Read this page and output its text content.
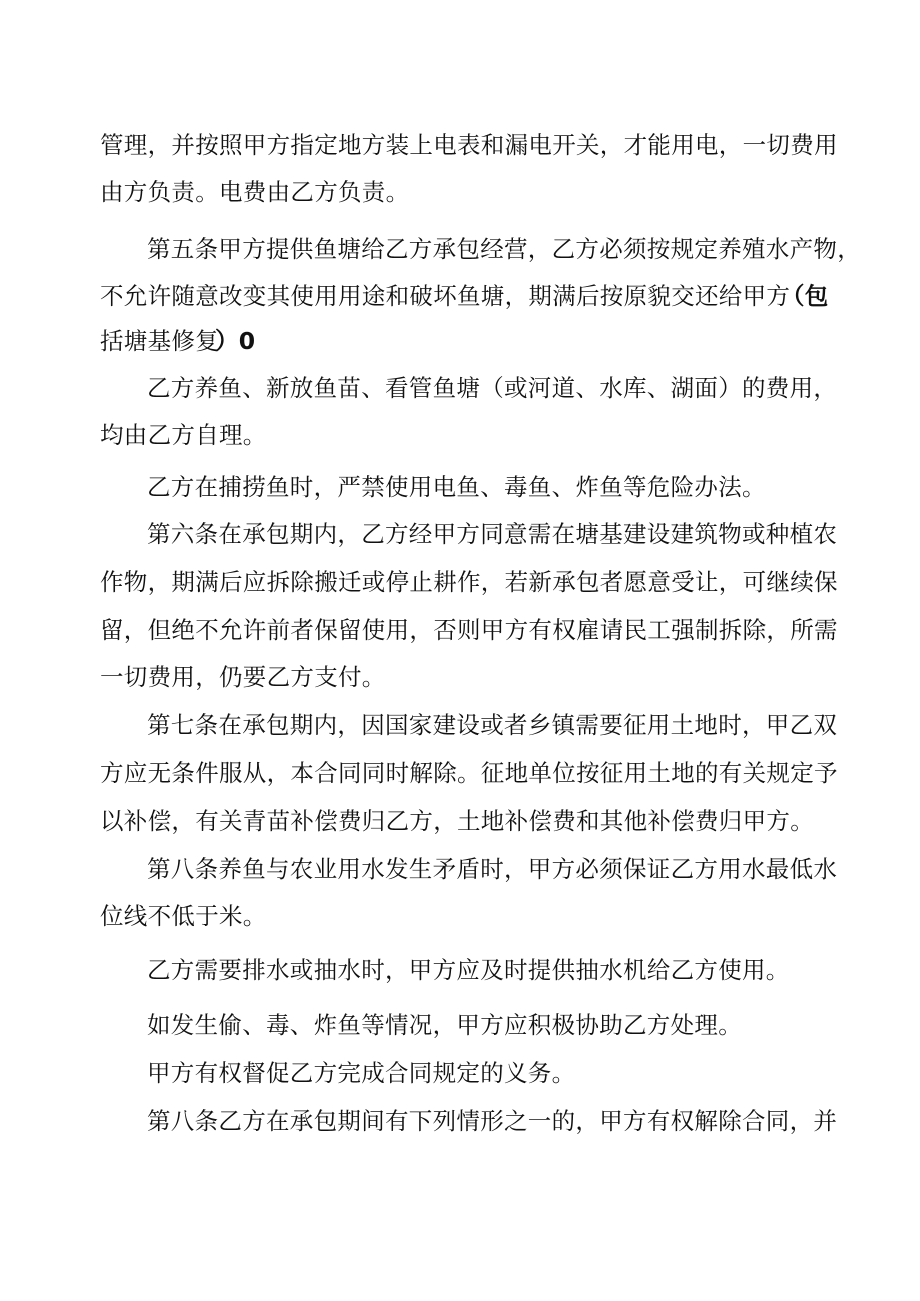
管理，并按照甲方指定地方装上电表和漏电开关，才能用电，一切费用
由方负责。电费由乙方负责。
第五条甲方提供鱼塘给乙方承包经营，乙方必须按规定养殖水产物，
不允许随意改变其使用用途和破坏鱼塘，期满后按原貌交还给甲方
（包
括塘基修复
）0
乙方养鱼、新放鱼苗、看管鱼塘（或河道、水库、湖面）的费用，
均由乙方自理。
乙方在捕捞鱼时，严禁使用电鱼、毒鱼、炸鱼等危险办法。
第六条在承包期内，乙方经甲方同意需在塘基建设建筑物或种植农
作物，期满后应拆除搬迁或停止耕作，若新承包者愿意受让，可继续保
留，但绝不允许前者保留使用，否则甲方有权雇请民工强制拆除，所需
一切费用，仍要乙方支付。
第七条在承包期内，因国家建设或者乡镇需要征用土地时，甲乙双
方应无条件服从，本合同同时解除。征地单位按征用土地的有关规定予
以补偿，有关青苗补偿费归乙方，土地补偿费和其他补偿费归甲方。
第八条养鱼与农业用水发生矛盾时，甲方必须保证乙方用水最低水
位线不低于米。
乙方需要排水或抽水时，甲方应及时提供抽水机给乙方使用。
如发生偷、毒、炸鱼等情况，甲方应积极协助乙方处理。
甲方有权督促乙方完成合同规定的义务。
第八条乙方在承包期间有下列情形之一的，甲方有权解除合同，并
